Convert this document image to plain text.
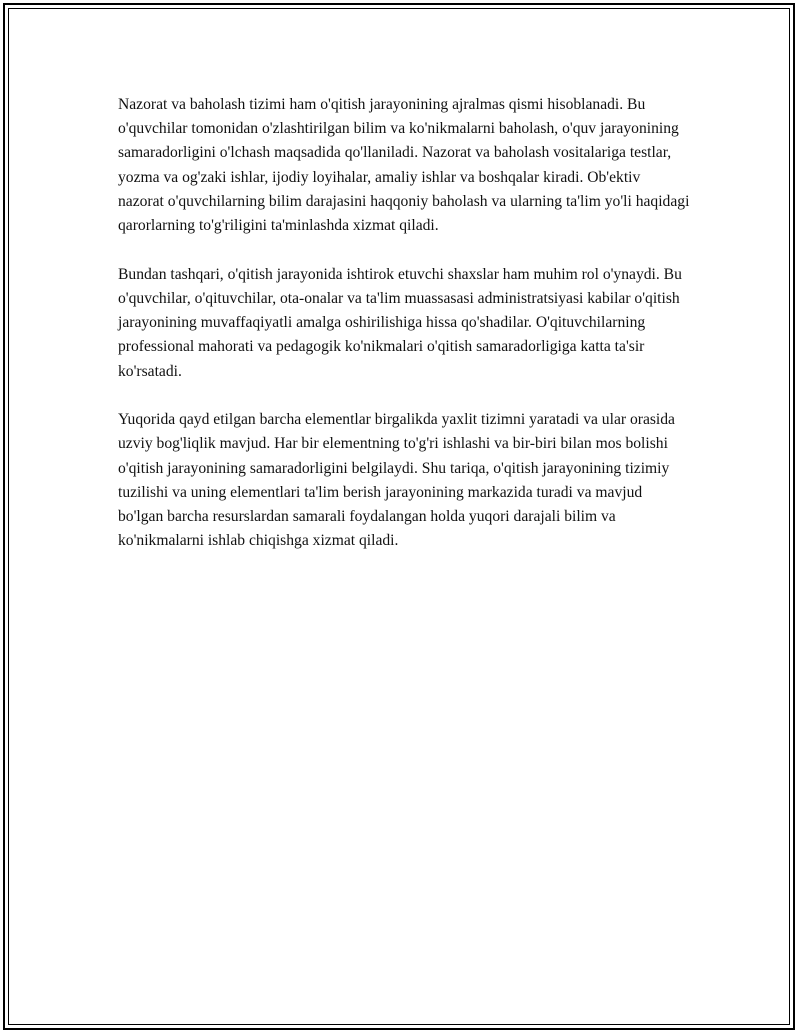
Nazorat va baholash tizimi ham o'qitish jarayonining ajralmas qismi hisoblanadi. Bu o'quvchilar tomonidan o'zlashtirilgan bilim va ko'nikmalarni baholash, o'quv jarayonining samaradorligini o'lchash maqsadida qo'llaniladi. Nazorat va baholash vositalariga testlar, yozma va og'zaki ishlar, ijodiy loyihalar, amaliy ishlar va boshqalar kiradi. Ob'ektiv nazorat o'quvchilarning bilim darajasini haqqoniy baholash va ularning ta'lim yo'li haqidagi qarorlarning to'g'riligini ta'minlashda xizmat qiladi.

Bundan tashqari, o'qitish jarayonida ishtirok etuvchi shaxslar ham muhim rol o'ynaydi. Bu o'quvchilar, o'qituvchilar, ota-onalar va ta'lim muassasasi administratsiyasi kabilar o'qitish jarayonining muvaffaqiyatli amalga oshirilishiga hissa qo'shadilar. O'qituvchilarning professional mahorati va pedagogik ko'nikmalari o'qitish samaradorligiga katta ta'sir ko'rsatadi.

Yuqorida qayd etilgan barcha elementlar birgalikda yaxlit tizimni yaratadi va ular orasida uzviy bog'liqlik mavjud. Har bir elementning to'g'ri ishlashi va bir-biri bilan mos bolishi o'qitish jarayonining samaradorligini belgilaydi. Shu tariqa, o'qitish jarayonining tizimiy tuzilishi va uning elementlari ta'lim berish jarayonining markazida turadi va mavjud bo'lgan barcha resurslardan samarali foydalangan holda yuqori darajali bilim va ko'nikmalarni ishlab chiqishga xizmat qiladi.
